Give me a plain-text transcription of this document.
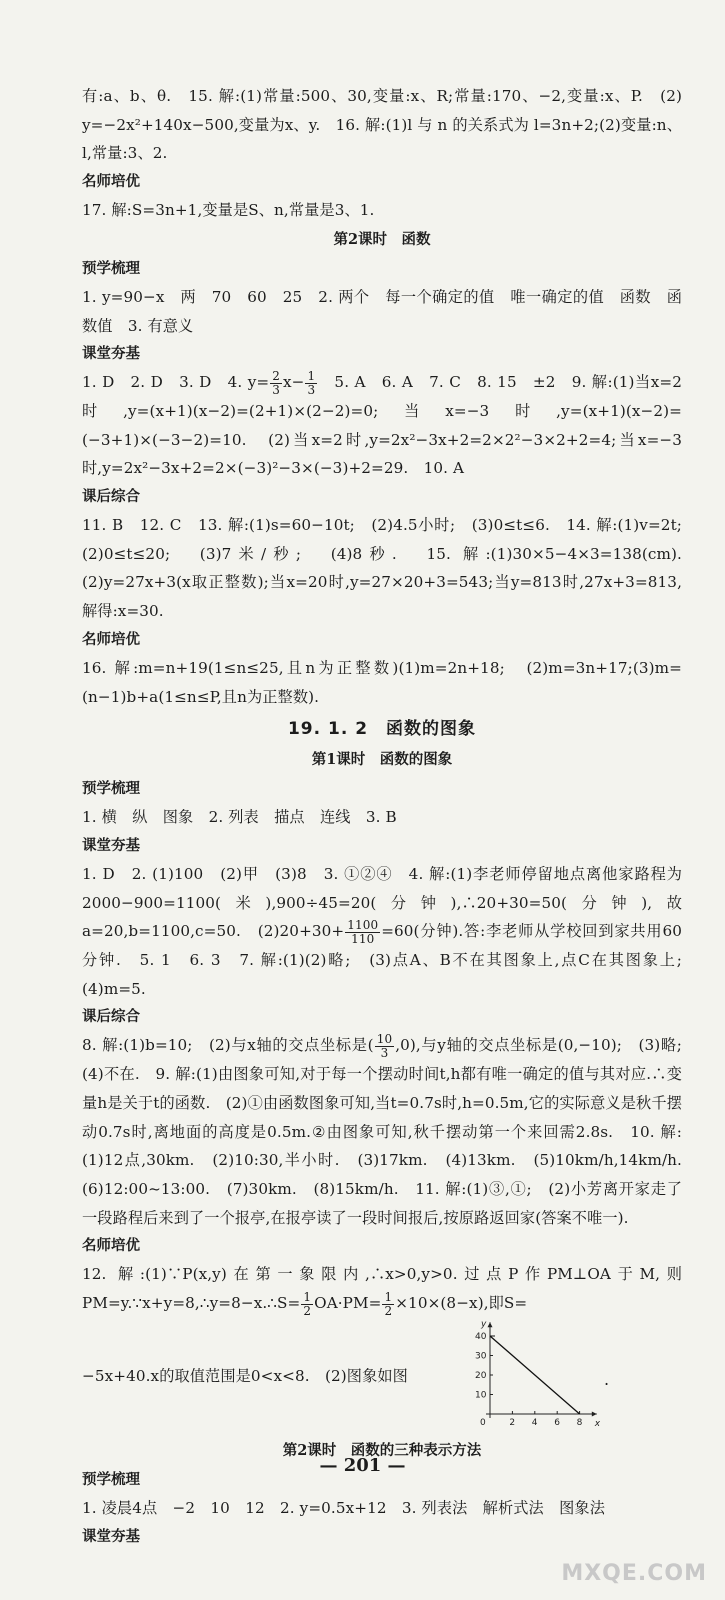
有:a、b、θ.　15. 解:(1)常量:500、30,变量:x、R;常量:170、−2,变量:x、P.　(2) y=−2x²+140x−500,变量为x、y.　16. 解:(1)l 与 n 的关系式为 l=3n+2;(2)变量:n、l,常量:3、2.

名师培优

17. 解:S=3n+1,变量是S、n,常量是3、1.

第2课时　函数

预学梳理

1. y=90−x　两　70　60　25　2. 两个　每一个确定的值　唯一确定的值　函数　函数值　3. 有意义

课堂夯基

1. D　2. D　3. D　4. $y= \frac{2}{3} x- \frac{1}{3}$ 　5. A　6. A　7. C　8. 15　±2　9. 解:(1)当x=2时,y=(x+1)(x−2)=(2+1)×(2−2)=0;当x=−3时,y=(x+1)(x−2)=(−3+1)×(−3−2)=10.　(2)当x=2时,y=2x²−3x+2=2×2²−3×2+2=4;当x=−3时,y=2x²−3x+2=2×(−3)²−3×(−3)+2=29.　10. A

课后综合

11. B　12. C　13. 解:(1)s=60−10t;　(2)4.5小时;　(3)0≤t≤6.　14. 解:(1)v=2t;　(2)0≤t≤20;　(3)7米/秒;　(4)8秒.　15. 解:(1)30×5−4×3=138(cm).　(2)y=27x+3(x取正整数);当x=20时,y=27×20+3=543;当y=813时,27x+3=813,解得:x=30.

名师培优

16. 解:m=n+19(1≤n≤25,且n为正整数)(1)m=2n+18;　(2)m=3n+17;(3)m=(n−1)b+a(1≤n≤P,且n为正整数).

19. 1. 2　函数的图象

第1课时　函数的图象

预学梳理

1. 横　纵　图象　2. 列表　描点　连线　3. B

课堂夯基

1. D　2. (1)100　(2)甲　(3)8　3. ①②④　4. 解:(1)李老师停留地点离他家路程为2000−900=1100(米),900÷45=20(分钟),∴20+30=50(分钟),故a=20,b=1100,c=50.　$(2)20+30+ \frac{1100}{110} =60$(分钟).答:李老师从学校回到家共用60分钟.　5. 1　6. 3　7. 解:(1)(2)略;　(3)点A、B不在其图象上,点C在其图象上;　(4)m=5.

课后综合

8. 解:(1)b=10;　(2)与x轴的交点坐标是( $\frac{10}{3} ,0$),与y轴的交点坐标是(0,−10);　(3)略;　(4)不在.　9. 解:(1)由图象可知,对于每一个摆动时间t,h都有唯一确定的值与其对应.∴变量h是关于t的函数.　(2)①由函数图象可知,当t=0.7s时,h=0.5m,它的实际意义是秋千摆动0.7s时,离地面的高度是0.5m.②由图象可知,秋千摆动第一个来回需2.8s.　10. 解:(1)12点,30km.　(2)10:30,半小时.　(3)17km.　(4)13km.　(5)10km/h,14km/h.　(6)12:00~13:00.　(7)30km.　(8)15km/h.　11. 解:(1)③,①;　(2)小芳离开家走了一段路程后来到了一个报亭,在报亭读了一段时间报后,按原路返回家(答案不唯一).

名师培优

12. 解:(1)∵P(x,y)在第一象限内,∴x>0,y>0.过点P作PM⊥OA于M,则PM=y.∵x+y=8,∴y=8−x.∴S= $\frac{1}{2} OA\cdot PM= \frac{1}{2} \times 10\times(8-x)$,即S=

−5x+40.x的取值范围是0<x<8.　(2)图象如图

y
x
0
40
30
20
10
2 4 6 8
.

第2课时　函数的三种表示方法

预学梳理

1. 凌晨4点　−2　10　12　2. y=0.5x+12　3. 列表法　解析式法　图象法

课堂夯基

— 201 —
MXQE.COM
